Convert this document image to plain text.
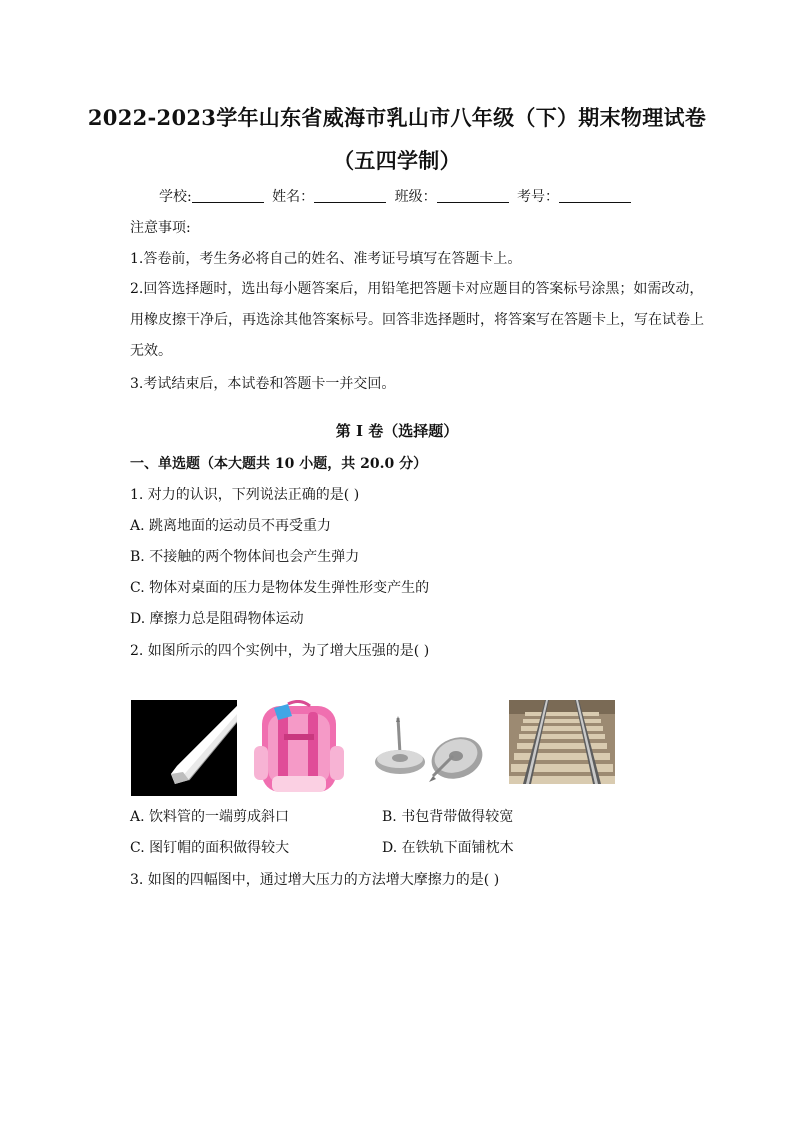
2022-2023学年山东省威海市乳山市八年级（下）期末物理试卷
（五四学制）
学校:	姓名：	班级：	考号：
注意事项:
1.答卷前，考生务必将自己的姓名、准考证号填写在答题卡上。
2.回答选择题时，选出每小题答案后，用铅笔把答题卡对应题目的答案标号涂黑；如需改动，用橡皮擦干净后，再选涂其他答案标号。回答非选择题时，将答案写在答题卡上，写在试卷上无效。
3.考试结束后，本试卷和答题卡一并交回。
第 I 卷（选择题）
一、单选题（本大题共 10 小题，共 20.0 分）
1. 对力的认识，下列说法正确的是( )
A. 跳离地面的运动员不再受重力
B. 不接触的两个物体间也会产生弹力
C. 物体对桌面的压力是物体发生弹性形变产生的
D. 摩擦力总是阻碍物体运动
2. 如图所示的四个实例中，为了增大压强的是( )
A. 饮料管的一端剪成斜口	B. 书包背带做得较宽
C. 图钉帽的面积做得较大	D. 在铁轨下面铺枕木
3. 如图的四幅图中，通过增大压力的方法增大摩擦力的是( )
